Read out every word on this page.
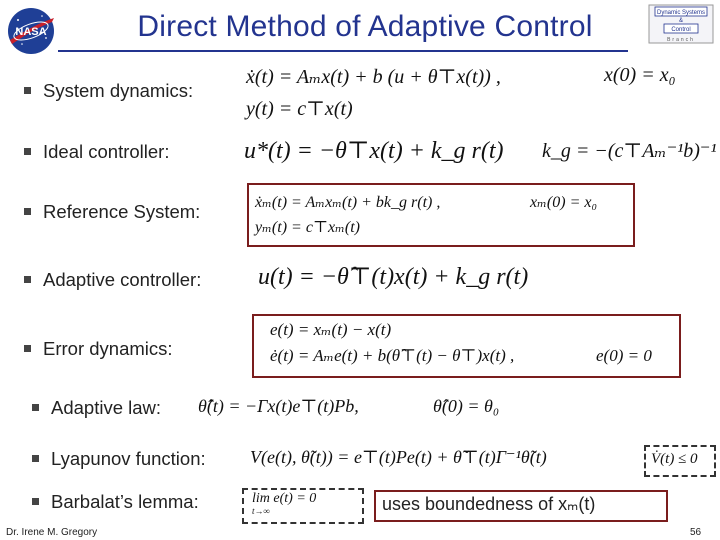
NASA	Direct Method of Adaptive Control	Dynamic Systems
&
Control
Branch
System dynamics:
Ideal controller:
Reference System:
Adaptive controller:
Error dynamics:
Adaptive law:
Lyapunov function:
Barbalat’s lemma:
ẋ(t) = Aₘx(t) + b (u + θ⊤x(t)) ,	x(0) = x₀
y(t) = c⊤x(t)
u*(t) = −θ⊤x(t) + k_g r(t) k_g = −(c⊤Aₘ⁻¹b)⁻¹
ẋₘ(t) = Aₘxₘ(t) + bk_g r(t) ,	xₘ(0) = x₀
yₘ(t) = c⊤xₘ(t)
u(t) = −θ̂⊤(t)x(t) + k_g r(t)
e(t) = xₘ(t) − x(t)
ė(t) = Aₘe(t) + b(θ̂⊤(t) − θ⊤)x(t) ,	e(0) = 0
θ̂̇(t) = −Γx(t)e⊤(t)Pb,	θ̂(0) = θ₀
V(e(t), θ̃(t)) = e⊤(t)Pe(t) + θ̃⊤(t)Γ⁻¹θ̃(t)	V̇(t) ≤ 0
lim e(t) = 0
t→∞	uses boundedness of xₘ(t)
Dr. Irene M. Gregory	56
